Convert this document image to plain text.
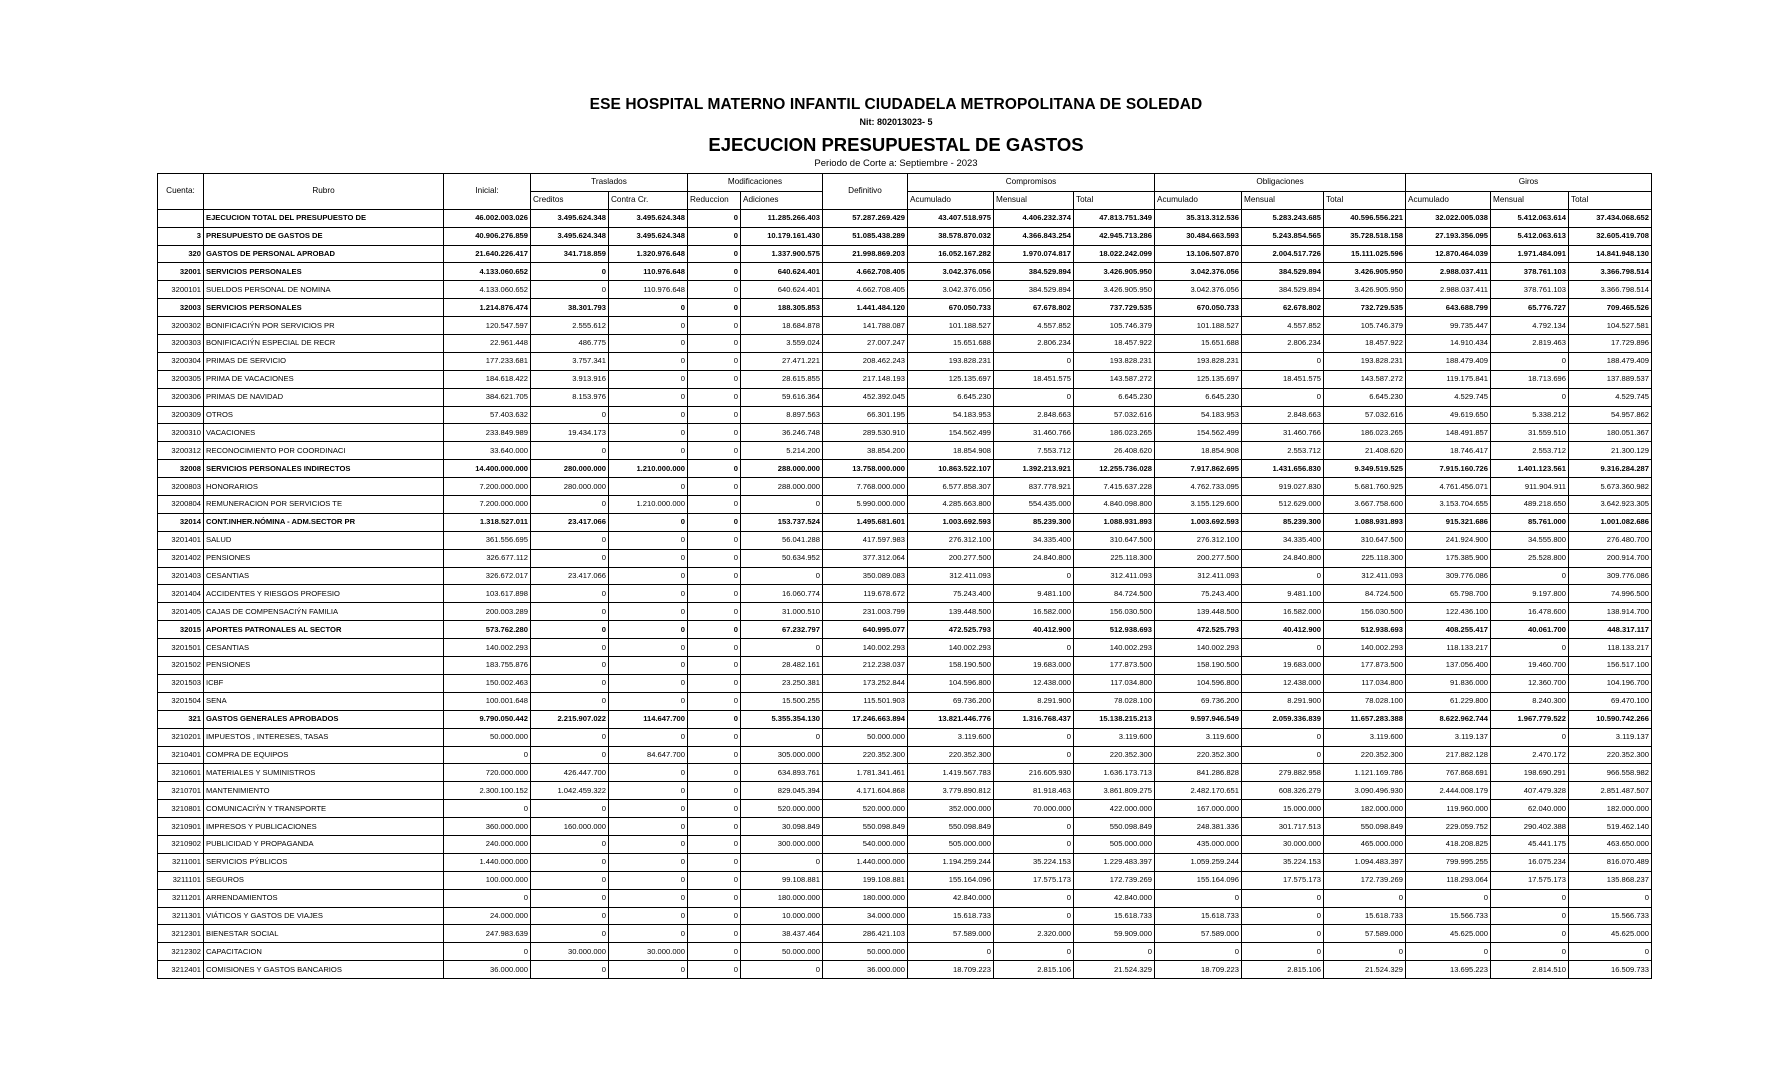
ESE HOSPITAL MATERNO INFANTIL CIUDADELA METROPOLITANA DE SOLEDAD
Nit: 802013023- 5
EJECUCION PRESUPUESTAL DE GASTOS
Periodo de Corte a: Septiembre - 2023
Cuenta:	Rubro	Inicial:	Traslados		Modificaciones		Definitivo	Compromisos			Obligaciones			Giros		
			Creditos	Contra Cr.	Reduccion	Adiciones		Acumulado	Mensual	Total	Acumulado	Mensual	Total	Acumulado	Mensual	Total
	EJECUCION TOTAL DEL PRESUPUESTO DE	46.002.003.026	3.495.624.348	3.495.624.348	0	11.285.266.403	57.287.269.429	43.407.518.975	4.406.232.374	47.813.751.349	35.313.312.536	5.283.243.685	40.596.556.221	32.022.005.038	5.412.063.614	37.434.068.652
3	PRESUPUESTO DE GASTOS DE	40.906.276.859	3.495.624.348	3.495.624.348	0	10.179.161.430	51.085.438.289	38.578.870.032	4.366.843.254	42.945.713.286	30.484.663.593	5.243.854.565	35.728.518.158	27.193.356.095	5.412.063.613	32.605.419.708
320	GASTOS DE PERSONAL APROBAD	21.640.226.417	341.718.859	1.320.976.648	0	1.337.900.575	21.998.869.203	16.052.167.282	1.970.074.817	18.022.242.099	13.106.507.870	2.004.517.726	15.111.025.596	12.870.464.039	1.971.484.091	14.841.948.130
32001	SERVICIOS PERSONALES	4.133.060.652	0	110.976.648	0	640.624.401	4.662.708.405	3.042.376.056	384.529.894	3.426.905.950	3.042.376.056	384.529.894	3.426.905.950	2.988.037.411	378.761.103	3.366.798.514
3200101	SUELDOS PERSONAL DE NOMINA	4.133.060.652	0	110.976.648	0	640.624.401	4.662.708.405	3.042.376.056	384.529.894	3.426.905.950	3.042.376.056	384.529.894	3.426.905.950	2.988.037.411	378.761.103	3.366.798.514
32003	SERVICIOS PERSONALES	1.214.876.474	38.301.793	0	0	188.305.853	1.441.484.120	670.050.733	67.678.802	737.729.535	670.050.733	62.678.802	732.729.535	643.688.799	65.776.727	709.465.526
3200302	BONIFICACIÝN POR SERVICIOS PR	120.547.597	2.555.612	0	0	18.684.878	141.788.087	101.188.527	4.557.852	105.746.379	101.188.527	4.557.852	105.746.379	99.735.447	4.792.134	104.527.581
3200303	BONIFICACIÝN ESPECIAL DE RECR	22.961.448	486.775	0	0	3.559.024	27.007.247	15.651.688	2.806.234	18.457.922	15.651.688	2.806.234	18.457.922	14.910.434	2.819.463	17.729.896
3200304	PRIMAS DE SERVICIO	177.233.681	3.757.341	0	0	27.471.221	208.462.243	193.828.231	0	193.828.231	193.828.231	0	193.828.231	188.479.409	0	188.479.409
3200305	PRIMA DE VACACIONES	184.618.422	3.913.916	0	0	28.615.855	217.148.193	125.135.697	18.451.575	143.587.272	125.135.697	18.451.575	143.587.272	119.175.841	18.713.696	137.889.537
3200306	PRIMAS DE NAVIDAD	384.621.705	8.153.976	0	0	59.616.364	452.392.045	6.645.230	0	6.645.230	6.645.230	0	6.645.230	4.529.745	0	4.529.745
3200309	OTROS	57.403.632	0	0	0	8.897.563	66.301.195	54.183.953	2.848.663	57.032.616	54.183.953	2.848.663	57.032.616	49.619.650	5.338.212	54.957.862
3200310	VACACIONES	233.849.989	19.434.173	0	0	36.246.748	289.530.910	154.562.499	31.460.766	186.023.265	154.562.499	31.460.766	186.023.265	148.491.857	31.559.510	180.051.367
3200312	RECONOCIMIENTO POR COORDINACI	33.640.000	0	0	0	5.214.200	38.854.200	18.854.908	7.553.712	26.408.620	18.854.908	2.553.712	21.408.620	18.746.417	2.553.712	21.300.129
32008	SERVICIOS PERSONALES INDIRECTOS	14.400.000.000	280.000.000	1.210.000.000	0	288.000.000	13.758.000.000	10.863.522.107	1.392.213.921	12.255.736.028	7.917.862.695	1.431.656.830	9.349.519.525	7.915.160.726	1.401.123.561	9.316.284.287
3200803	HONORARIOS	7.200.000.000	280.000.000	0	0	288.000.000	7.768.000.000	6.577.858.307	837.778.921	7.415.637.228	4.762.733.095	919.027.830	5.681.760.925	4.761.456.071	911.904.911	5.673.360.982
3200804	REMUNERACION POR SERVICIOS TE	7.200.000.000	0	1.210.000.000	0	0	5.990.000.000	4.285.663.800	554.435.000	4.840.098.800	3.155.129.600	512.629.000	3.667.758.600	3.153.704.655	489.218.650	3.642.923.305
32014	CONT.INHER.NÓMINA - ADM.SECTOR PR	1.318.527.011	23.417.066	0	0	153.737.524	1.495.681.601	1.003.692.593	85.239.300	1.088.931.893	1.003.692.593	85.239.300	1.088.931.893	915.321.686	85.761.000	1.001.082.686
3201401	SALUD	361.556.695	0	0	0	56.041.288	417.597.983	276.312.100	34.335.400	310.647.500	276.312.100	34.335.400	310.647.500	241.924.900	34.555.800	276.480.700
3201402	PENSIONES	326.677.112	0	0	0	50.634.952	377.312.064	200.277.500	24.840.800	225.118.300	200.277.500	24.840.800	225.118.300	175.385.900	25.528.800	200.914.700
3201403	CESANTIAS	326.672.017	23.417.066	0	0	0	350.089.083	312.411.093	0	312.411.093	312.411.093	0	312.411.093	309.776.086	0	309.776.086
3201404	ACCIDENTES Y RIESGOS PROFESIO	103.617.898	0	0	0	16.060.774	119.678.672	75.243.400	9.481.100	84.724.500	75.243.400	9.481.100	84.724.500	65.798.700	9.197.800	74.996.500
3201405	CAJAS DE COMPENSACIÝN FAMILIA	200.003.289	0	0	0	31.000.510	231.003.799	139.448.500	16.582.000	156.030.500	139.448.500	16.582.000	156.030.500	122.436.100	16.478.600	138.914.700
32015	APORTES PATRONALES AL SECTOR	573.762.280	0	0	0	67.232.797	640.995.077	472.525.793	40.412.900	512.938.693	472.525.793	40.412.900	512.938.693	408.255.417	40.061.700	448.317.117
3201501	CESANTIAS	140.002.293	0	0	0	0	140.002.293	140.002.293	0	140.002.293	140.002.293	0	140.002.293	118.133.217	0	118.133.217
3201502	PENSIONES	183.755.876	0	0	0	28.482.161	212.238.037	158.190.500	19.683.000	177.873.500	158.190.500	19.683.000	177.873.500	137.056.400	19.460.700	156.517.100
3201503	ICBF	150.002.463	0	0	0	23.250.381	173.252.844	104.596.800	12.438.000	117.034.800	104.596.800	12.438.000	117.034.800	91.836.000	12.360.700	104.196.700
3201504	SENA	100.001.648	0	0	0	15.500.255	115.501.903	69.736.200	8.291.900	78.028.100	69.736.200	8.291.900	78.028.100	61.229.800	8.240.300	69.470.100
321	GASTOS GENERALES APROBADOS	9.790.050.442	2.215.907.022	114.647.700	0	5.355.354.130	17.246.663.894	13.821.446.776	1.316.768.437	15.138.215.213	9.597.946.549	2.059.336.839	11.657.283.388	8.622.962.744	1.967.779.522	10.590.742.266
3210201	IMPUESTOS , INTERESES, TASAS	50.000.000	0	0	0	0	50.000.000	3.119.600	0	3.119.600	3.119.600	0	3.119.600	3.119.137	0	3.119.137
3210401	COMPRA DE EQUIPOS	0	0	84.647.700	0	305.000.000	220.352.300	220.352.300	0	220.352.300	220.352.300	0	220.352.300	217.882.128	2.470.172	220.352.300
3210601	MATERIALES Y SUMINISTROS	720.000.000	426.447.700	0	0	634.893.761	1.781.341.461	1.419.567.783	216.605.930	1.636.173.713	841.286.828	279.882.958	1.121.169.786	767.868.691	198.690.291	966.558.982
3210701	MANTENIMIENTO	2.300.100.152	1.042.459.322	0	0	829.045.394	4.171.604.868	3.779.890.812	81.918.463	3.861.809.275	2.482.170.651	608.326.279	3.090.496.930	2.444.008.179	407.479.328	2.851.487.507
3210801	COMUNICACIÝN Y TRANSPORTE	0	0	0	0	520.000.000	520.000.000	352.000.000	70.000.000	422.000.000	167.000.000	15.000.000	182.000.000	119.960.000	62.040.000	182.000.000
3210901	IMPRESOS Y PUBLICACIONES	360.000.000	160.000.000	0	0	30.098.849	550.098.849	550.098.849	0	550.098.849	248.381.336	301.717.513	550.098.849	229.059.752	290.402.388	519.462.140
3210902	PUBLICIDAD Y PROPAGANDA	240.000.000	0	0	0	300.000.000	540.000.000	505.000.000	0	505.000.000	435.000.000	30.000.000	465.000.000	418.208.825	45.441.175	463.650.000
3211001	SERVICIOS PÝBLICOS	1.440.000.000	0	0	0	0	1.440.000.000	1.194.259.244	35.224.153	1.229.483.397	1.059.259.244	35.224.153	1.094.483.397	799.995.255	16.075.234	816.070.489
3211101	SEGUROS	100.000.000	0	0	0	99.108.881	199.108.881	155.164.096	17.575.173	172.739.269	155.164.096	17.575.173	172.739.269	118.293.064	17.575.173	135.868.237
3211201	ARRENDAMIENTOS	0	0	0	0	180.000.000	180.000.000	42.840.000	0	42.840.000	0	0	0	0	0	0
3211301	VIÁTICOS Y GASTOS DE VIAJES	24.000.000	0	0	0	10.000.000	34.000.000	15.618.733	0	15.618.733	15.618.733	0	15.618.733	15.566.733	0	15.566.733
3212301	BIENESTAR SOCIAL	247.983.639	0	0	0	38.437.464	286.421.103	57.589.000	2.320.000	59.909.000	57.589.000	0	57.589.000	45.625.000	0	45.625.000
3212302	CAPACITACION	0	30.000.000	30.000.000	0	50.000.000	50.000.000	0	0	0	0	0	0	0	0	0
3212401	COMISIONES Y GASTOS BANCARIOS	36.000.000	0	0	0	0	36.000.000	18.709.223	2.815.106	21.524.329	18.709.223	2.815.106	21.524.329	13.695.223	2.814.510	16.509.733
